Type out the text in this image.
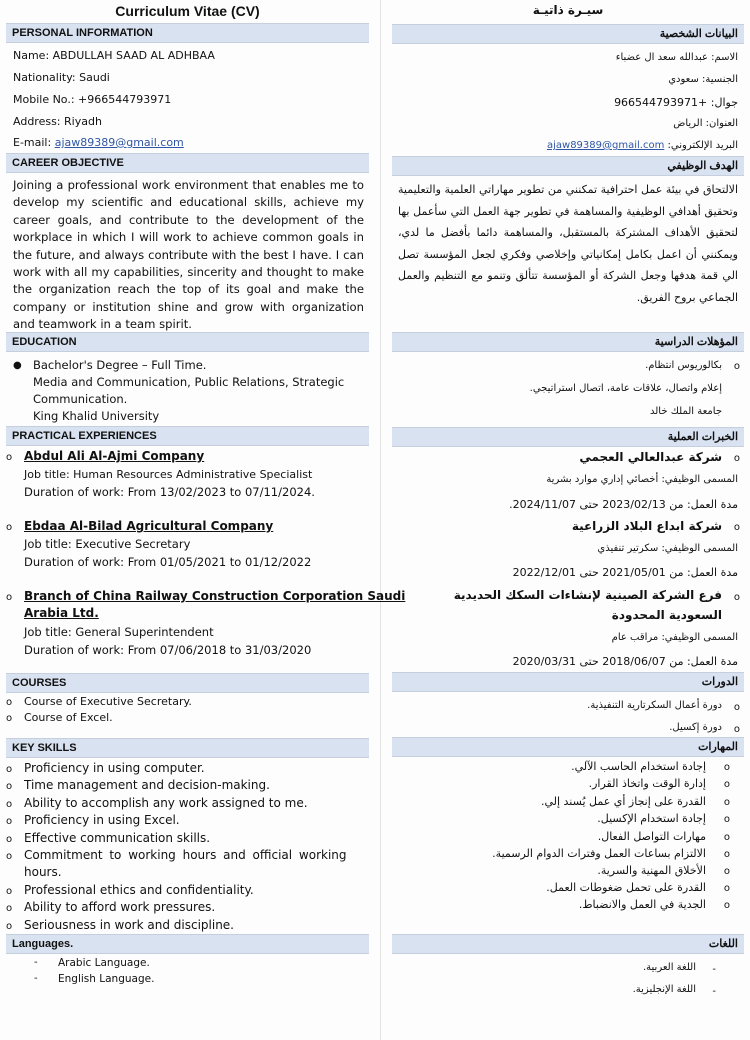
Curriculum Vitae (CV)
PERSONAL INFORMATION
Name: ABDULLAH SAAD AL ADHBAA
Nationality: Saudi
Mobile No.: +966544793971
Address: Riyadh
E-mail: ajaw89389@gmail.com
CAREER OBJECTIVE
Joining a professional work environment that enables me to develop my scientific and educational skills, achieve my career goals, and contribute to the development of the workplace in which I will work to achieve common goals in the future, and always contribute with the best I have. I can work with all my capabilities, sincerity and thought to make the organization reach the top of its goal and make the company or institution shine and grow with organization and teamwork in a team spirit.
EDUCATION
● Bachelor's Degree – Full Time.
Media and Communication, Public Relations, Strategic
Communication.
King Khalid University
PRACTICAL EXPERIENCES
o Abdul Ali Al-Ajmi Company
Job title: Human Resources Administrative Specialist
Duration of work: From 13/02/2023 to 07/11/2024.
o Ebdaa Al-Bilad Agricultural Company
Job title: Executive Secretary
Duration of work: From 01/05/2021 to 01/12/2022
o Branch of China Railway Construction Corporation Saudi
Arabia Ltd.
Job title: General Superintendent
Duration of work: From 07/06/2018 to 31/03/2020
COURSES
o	Course of Executive Secretary.
o	Course of Excel.
KEY SKILLS
o Proficiency in using computer.
o Time management and decision-making.
o Ability to accomplish any work assigned to me.
o Proficiency in using Excel.
o Effective communication skills.
o Commitment to working hours and official working
hours.
o Professional ethics and confidentiality.
o Ability to afford work pressures.
o Seriousness in work and discipline.
Languages.
-	Arabic Language.
-	English Language.
سيـرة ذاتيـة
البيانات الشخصية
الاسم: عبدالله سعد ال عضباء
الجنسية: سعودي
جوال: +966544793971
العنوان: الرياض
البريد الإلكتروني: ajaw89389@gmail.com
الهدف الوظيفي
الالتحاق في بيئة عمل احترافية تمكنني من تطوير مهاراتي العلمية والتعليمية وتحقيق أهدافي الوظيفية والمساهمة في تطوير جهة العمل التي سأعمل بها لتحقيق الأهداف المشتركة بالمستقبل، والمساهمة دائما بأفضل ما لدي، ويمكنني أن اعمل بكامل إمكانياتي وإخلاصي وفكري لجعل المؤسسة تصل الي قمة هدفها وجعل الشركة أو المؤسسة تتألق وتنمو مع التنظيم والعمل الجماعي بروح الفريق.
المؤهلات الدراسية
o
بكالوريوس انتظام.
إعلام واتصال، علاقات عامة، اتصال استراتيجي.
جامعة الملك خالد
الخبرات العملية
o
شركة عبدالعالي العجمي
المسمى الوظيفي: أخصائي إداري موارد بشرية
مدة العمل: من 2023/02/13 حتى 2024/11/07.
o
شركة ابداع البلاد الزراعية
المسمى الوظيفي: سكرتير تنفيذي
مدة العمل: من 2021/05/01 حتى 2022/12/01
o
فرع الشركة الصينية لإنشاءات السكك الحديدية
السعودية المحدودة
المسمى الوظيفي: مراقب عام
مدة العمل: من 2018/06/07 حتى 2020/03/31
الدورات
o
دورة أعمال السكرتارية التنفيذية.
o
دورة إكسيل.
المهارات
o
إجادة استخدام الحاسب الآلي.
o
إدارة الوقت واتخاذ القرار.
o
القدرة على إنجاز أي عمل يُسند إلي.
o
إجادة استخدام الإكسيل.
o
مهارات التواصل الفعال.
o
الالتزام بساعات العمل وفترات الدوام الرسمية.
o
الأخلاق المهنية والسرية.
o
القدرة على تحمل ضغوطات العمل.
o
الجدية في العمل والانضباط.
اللغات
-
اللغة العربية.
-
اللغة الإنجليزية.
